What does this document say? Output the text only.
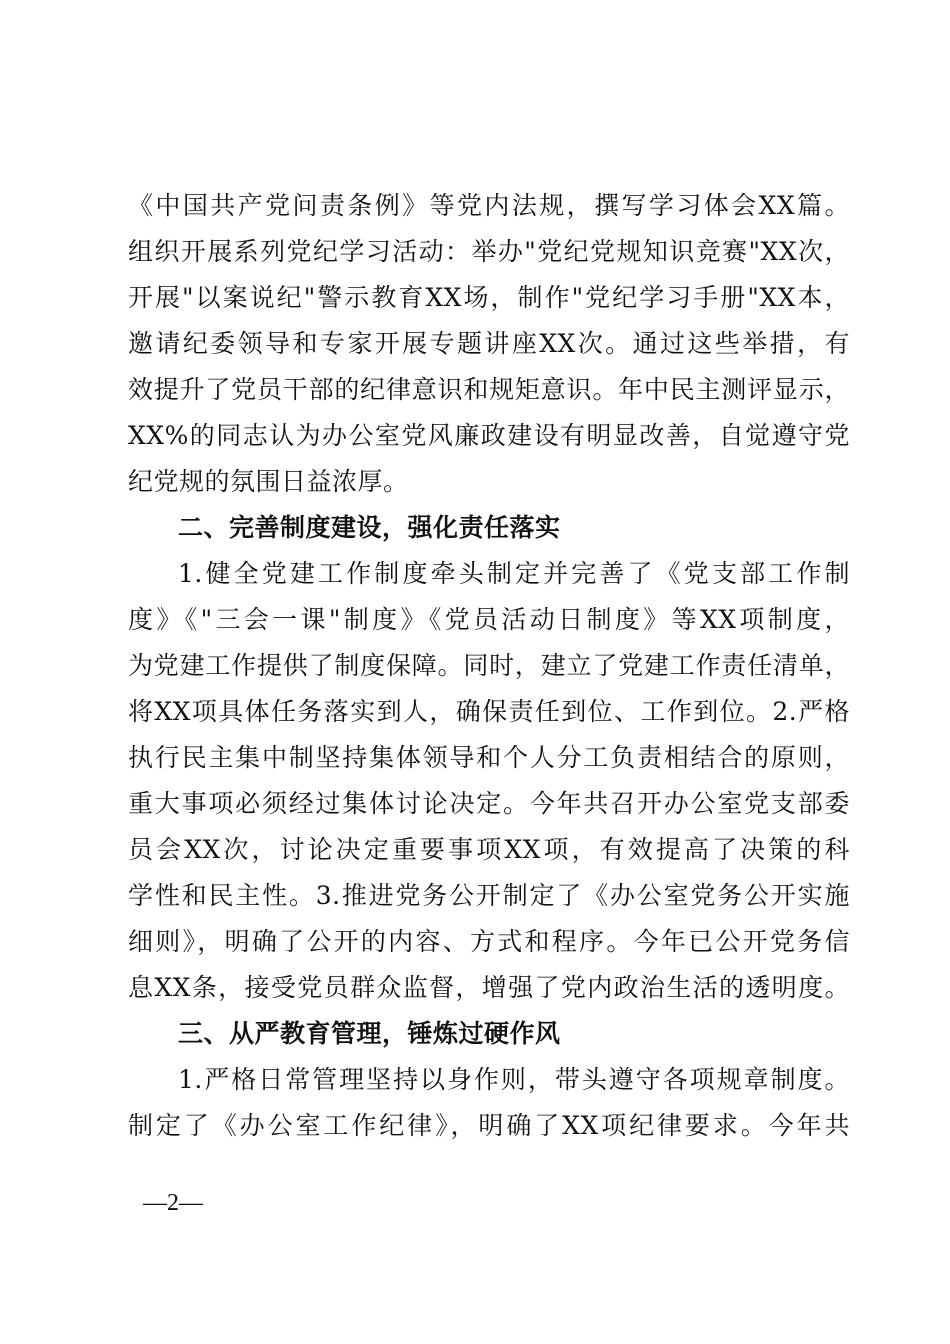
《中国共产党问责条例》等党内法规，撰写学习体会XX篇。
组织开展系列党纪学习活动：举办"党纪党规知识竞赛"XX次，
开展"以案说纪"警示教育XX场，制作"党纪学习手册"XX本，
邀请纪委领导和专家开展专题讲座XX次。通过这些举措，有
效提升了党员干部的纪律意识和规矩意识。年中民主测评显示，
XX%的同志认为办公室党风廉政建设有明显改善，自觉遵守党
纪党规的氛围日益浓厚。
二、完善制度建设，强化责任落实
1.健全党建工作制度牵头制定并完善了《党支部工作制
度》《"三会一课"制度》《党员活动日制度》等XX项制度，
为党建工作提供了制度保障。同时，建立了党建工作责任清单，
将XX项具体任务落实到人，确保责任到位、工作到位。2.严格
执行民主集中制坚持集体领导和个人分工负责相结合的原则，
重大事项必须经过集体讨论决定。今年共召开办公室党支部委
员会XX次，讨论决定重要事项XX项，有效提高了决策的科
学性和民主性。3.推进党务公开制定了《办公室党务公开实施
细则》，明确了公开的内容、方式和程序。今年已公开党务信
息XX条，接受党员群众监督，增强了党内政治生活的透明度。
三、从严教育管理，锤炼过硬作风
1.严格日常管理坚持以身作则，带头遵守各项规章制度。
制定了《办公室工作纪律》，明确了XX项纪律要求。今年共
—2—
